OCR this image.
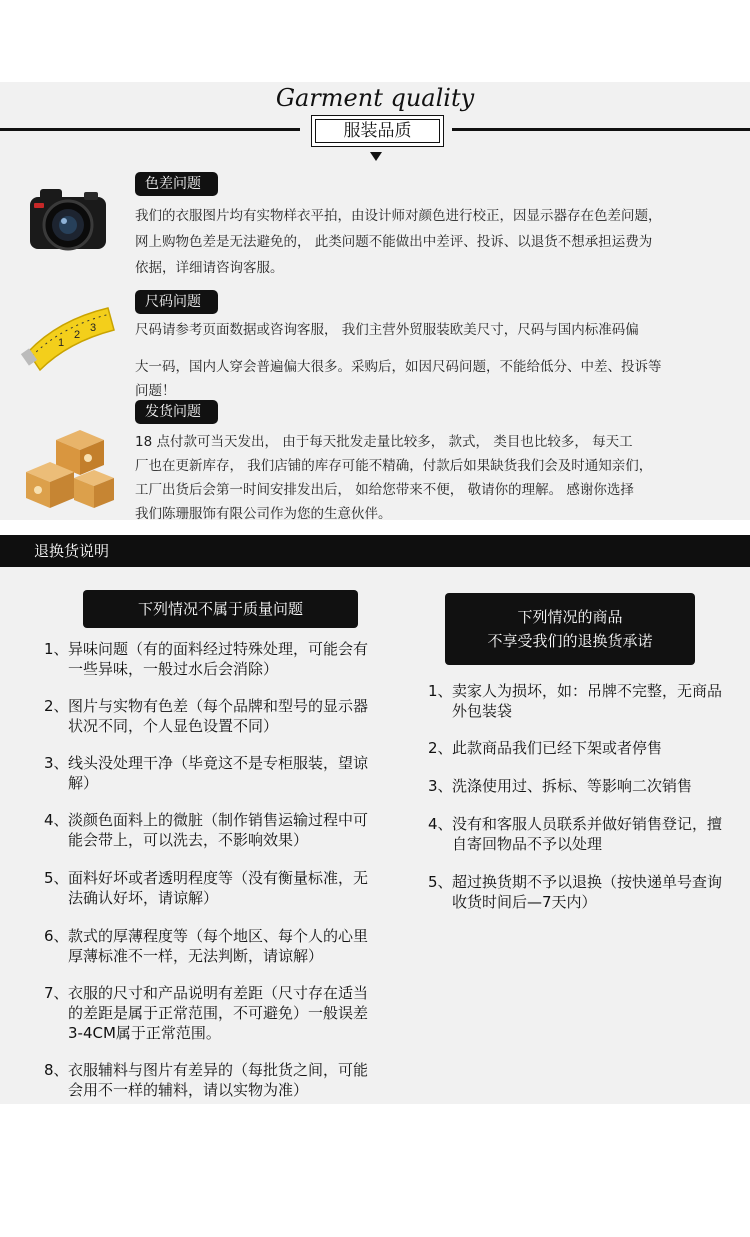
Garment quality
服装品质
1
2
3
色差问题
我们的衣服图片均有实物样衣平拍，由设计师对颜色进行校正，因显示器存在色差问题，
网上购物色差是无法避免的， 此类问题不能做出中差评、投诉、以退货不想承担运费为
依据，详细请咨询客服。
尺码问题
尺码请参考页面数据或咨询客服， 我们主营外贸服装欧美尺寸，尺码与国内标准码偏
大一码，国内人穿会普遍偏大很多。采购后，如因尺码问题，不能给低分、中差、投诉等
问题！
发货问题
18 点付款可当天发出， 由于每天批发走量比较多， 款式， 类目也比较多， 每天工
厂也在更新库存， 我们店铺的库存可能不精确，付款后如果缺货我们会及时通知亲们，
工厂出货后会第一时间安排发出后， 如给您带来不便， 敬请你的理解。 感谢你选择
我们陈珊服饰有限公司作为您的生意伙伴。
退换货说明
下列情况不属于质量问题	下列情况的商品
不享受我们的退换货承诺
1、 异味问题（有的面料经过特殊处理，可能会有
一些异味，一般过水后会消除）
2、 图片与实物有色差（每个品牌和型号的显示器
状况不同，个人显色设置不同）
3、 线头没处理干净（毕竟这不是专柜服装，望谅
解）
4、 淡颜色面料上的微脏（制作销售运输过程中可
能会带上，可以洗去，不影响效果）
5、 面料好坏或者透明程度等（没有衡量标准，无
法确认好坏，请谅解）
6、 款式的厚薄程度等（每个地区、每个人的心里
厚薄标准不一样，无法判断，请谅解）
7、 衣服的尺寸和产品说明有差距（尺寸存在适当
的差距是属于正常范围，不可避免）一般误差
3-4CM属于正常范围。
8、 衣服辅料与图片有差异的（每批货之间，可能
会用不一样的辅料，请以实物为准）
1、 卖家人为损坏，如：吊牌不完整，无商品
外包装袋
2、 此款商品我们已经下架或者停售
3、 洗涤使用过、拆标、等影响二次销售
4、 没有和客服人员联系并做好销售登记，擅
自寄回物品不予以处理
5、 超过换货期不予以退换（按快递单号查询
收货时间后—7天内）
